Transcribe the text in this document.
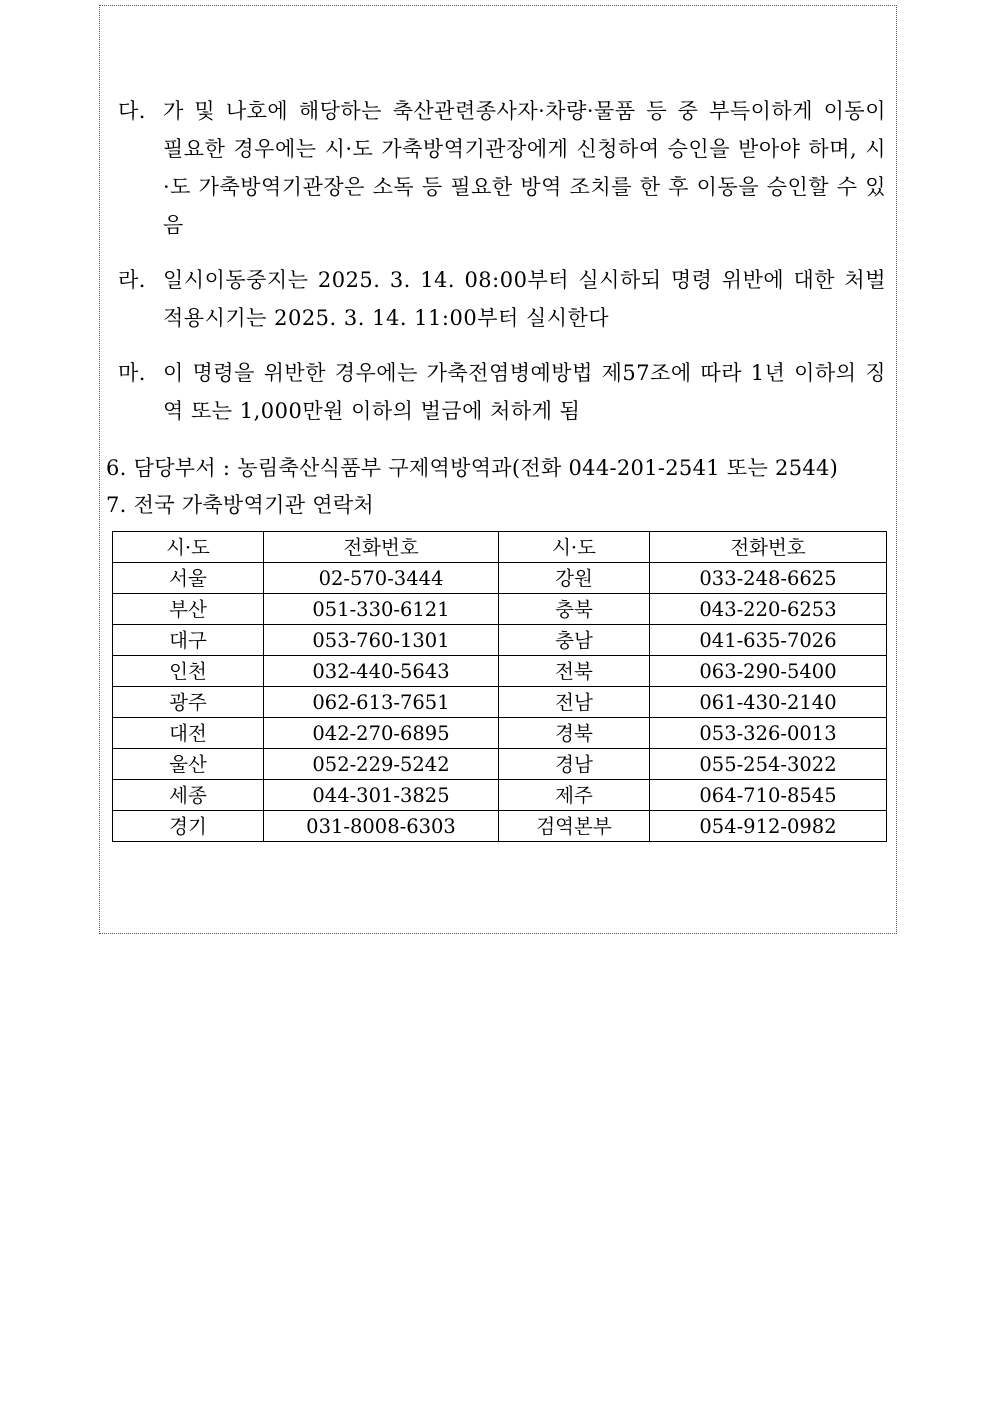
다. 가 및 나호에 해당하는 축산관련종사자·차량·물품 등 중 부득이하게 이동이 필요한 경우에는 시·도 가축방역기관장에게 신청하여 승인을 받아야 하며, 시·도 가축방역기관장은 소독 등 필요한 방역 조치를 한 후 이동을 승인할 수 있음
라. 일시이동중지는 2025. 3. 14. 08:00부터 실시하되 명령 위반에 대한 처벌적용시기는 2025. 3. 14. 11:00부터 실시한다
마. 이 명령을 위반한 경우에는 가축전염병예방법 제57조에 따라 1년 이하의 징역 또는 1,000만원 이하의 벌금에 처하게 됨
6. 담당부서 : 농림축산식품부 구제역방역과(전화 044-201-2541 또는 2544)
7. 전국 가축방역기관 연락처
시·도	전화번호	시·도	전화번호
서울	02-570-3444	강원	033-248-6625
부산	051-330-6121	충북	043-220-6253
대구	053-760-1301	충남	041-635-7026
인천	032-440-5643	전북	063-290-5400
광주	062-613-7651	전남	061-430-2140
대전	042-270-6895	경북	053-326-0013
울산	052-229-5242	경남	055-254-3022
세종	044-301-3825	제주	064-710-8545
경기	031-8008-6303	검역본부	054-912-0982
